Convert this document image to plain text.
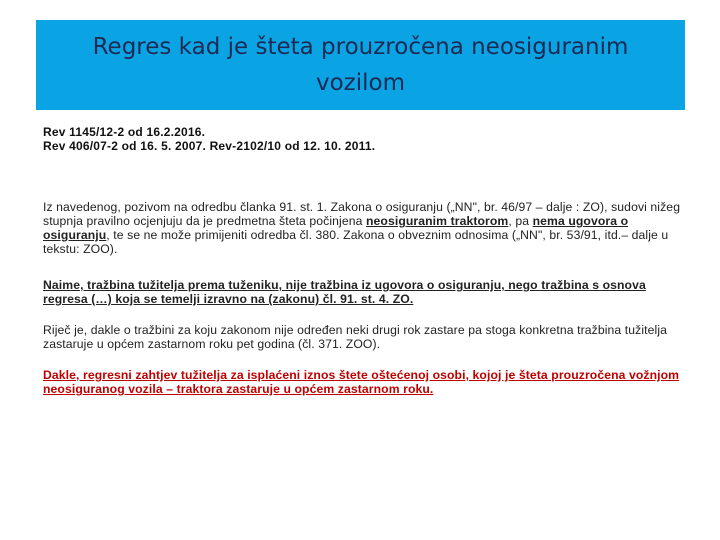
Regres kad je šteta prouzročena neosiguranim vozilom

Rev 1145/12-2 od 16.2.2016.

Rev 406/07-2 od 16. 5. 2007. Rev-2102/10 od 12. 10. 2011.

Iz navedenog, pozivom na odredbu članka 91. st. 1. Zakona o osiguranju („NN", br. 46/97 – dalje : ZO), sudovi nižeg stupnja pravilno ocjenjuju da je predmetna šteta počinjena neosiguranim traktorom, pa nema ugovora o osiguranju, te se ne može primijeniti odredba čl. 380. Zakona o obveznim odnosima („NN", br. 53/91, itd.– dalje u tekstu: ZOO).

Naime, tražbina tužitelja prema tuženiku, nije tražbina iz ugovora o osiguranju, nego tražbina s osnova regresa (…) koja se temelji izravno na (zakonu) čl. 91. st. 4. ZO.

Riječ je, dakle o tražbini za koju zakonom nije određen neki drugi rok zastare pa stoga konkretna tražbina tužitelja zastaruje u općem zastarnom roku pet godina (čl. 371. ZOO).

Dakle, regresni zahtjev tužitelja za isplaćeni iznos štete oštećenoj osobi, kojoj je šteta prouzročena vožnjom neosiguranog vozila – traktora zastaruje u općem zastarnom roku.
